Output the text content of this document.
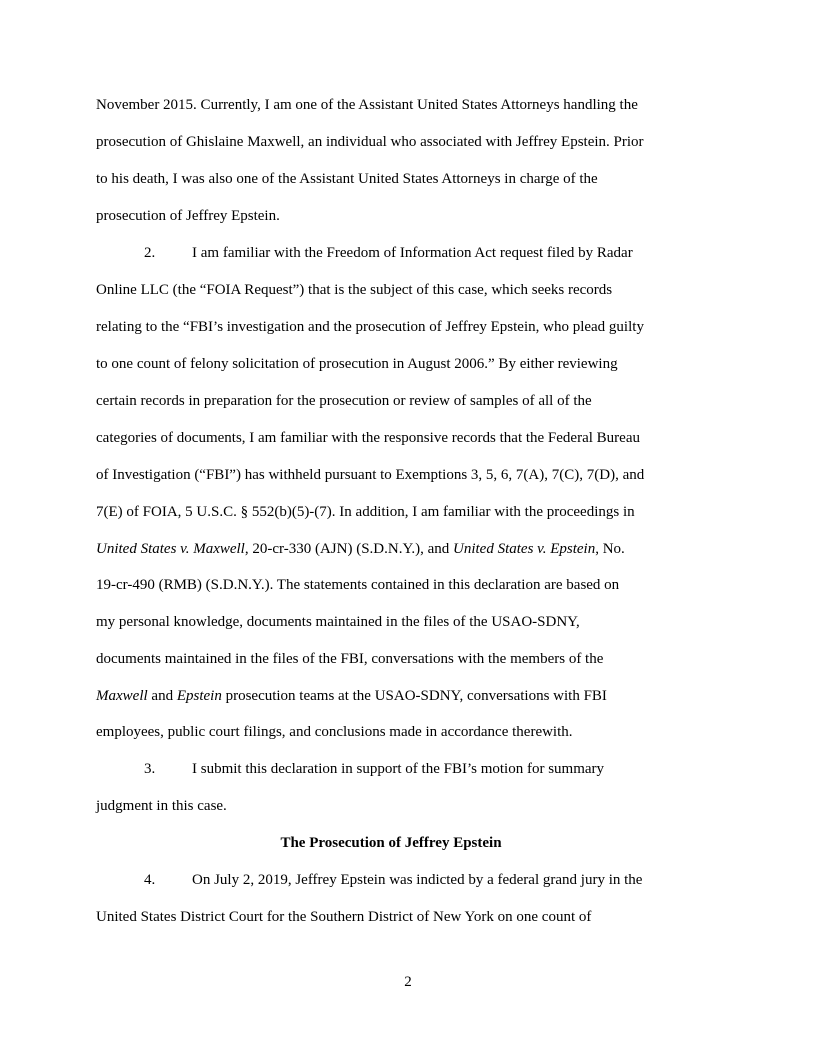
November 2015. Currently, I am one of the Assistant United States Attorneys handling the
prosecution of Ghislaine Maxwell, an individual who associated with Jeffrey Epstein. Prior
to his death, I was also one of the Assistant United States Attorneys in charge of the
prosecution of Jeffrey Epstein.
2. I am familiar with the Freedom of Information Act request filed by Radar
Online LLC (the “FOIA Request”) that is the subject of this case, which seeks records
relating to the “FBI’s investigation and the prosecution of Jeffrey Epstein, who plead guilty
to one count of felony solicitation of prosecution in August 2006.” By either reviewing
certain records in preparation for the prosecution or review of samples of all of the
categories of documents, I am familiar with the responsive records that the Federal Bureau
of Investigation (“FBI”) has withheld pursuant to Exemptions 3, 5, 6, 7(A), 7(C), 7(D), and
7(E) of FOIA, 5 U.S.C. § 552(b)(5)-(7). In addition, I am familiar with the proceedings in
United States v. Maxwell, 20-cr-330 (AJN) (S.D.N.Y.), and United States v. Epstein, No.
19-cr-490 (RMB) (S.D.N.Y.). The statements contained in this declaration are based on
my personal knowledge, documents maintained in the files of the USAO-SDNY,
documents maintained in the files of the FBI, conversations with the members of the
Maxwell and Epstein prosecution teams at the USAO-SDNY, conversations with FBI
employees, public court filings, and conclusions made in accordance therewith.
3. I submit this declaration in support of the FBI’s motion for summary
judgment in this case.
The Prosecution of Jeffrey Epstein
4. On July 2, 2019, Jeffrey Epstein was indicted by a federal grand jury in the
United States District Court for the Southern District of New York on one count of
2
